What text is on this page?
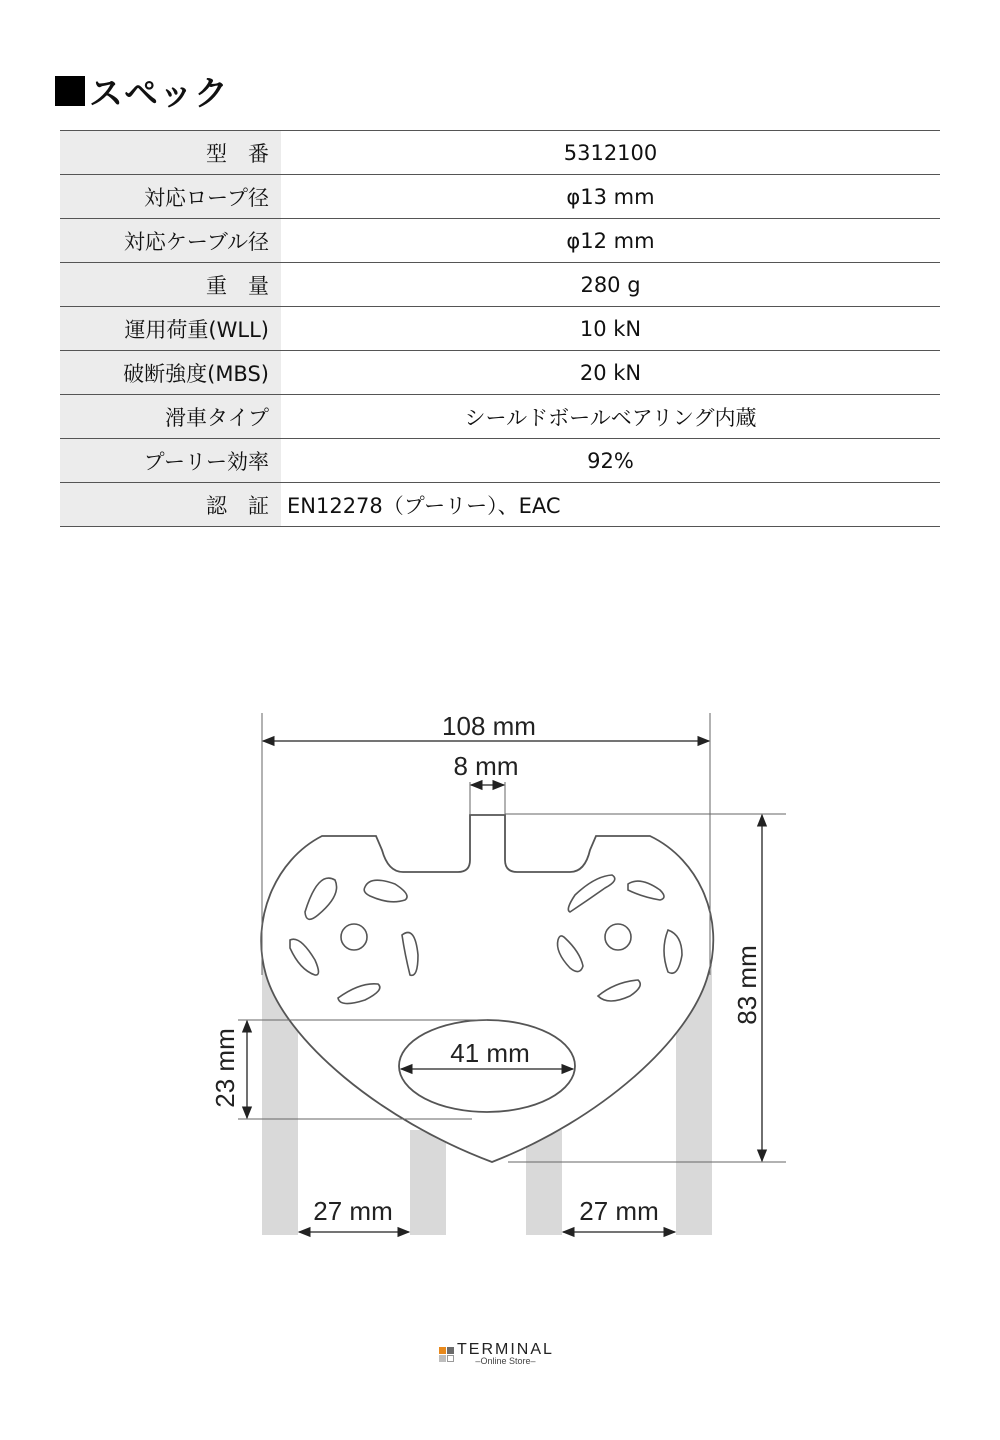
スペック
型　番	5312100
対応ロープ径	φ13 mm
対応ケーブル径	φ12 mm
重　量	280 g
運用荷重(WLL)	10 kN
破断強度(MBS)	20 kN
滑車タイプ	シールドボールベアリング内蔵
プーリー効率	92%
認　証	EN12278（プーリー）、EAC
108 mm
8 mm
83 mm
41 mm
23 mm
27 mm	27 mm
TERMINAL
–Online Store–
